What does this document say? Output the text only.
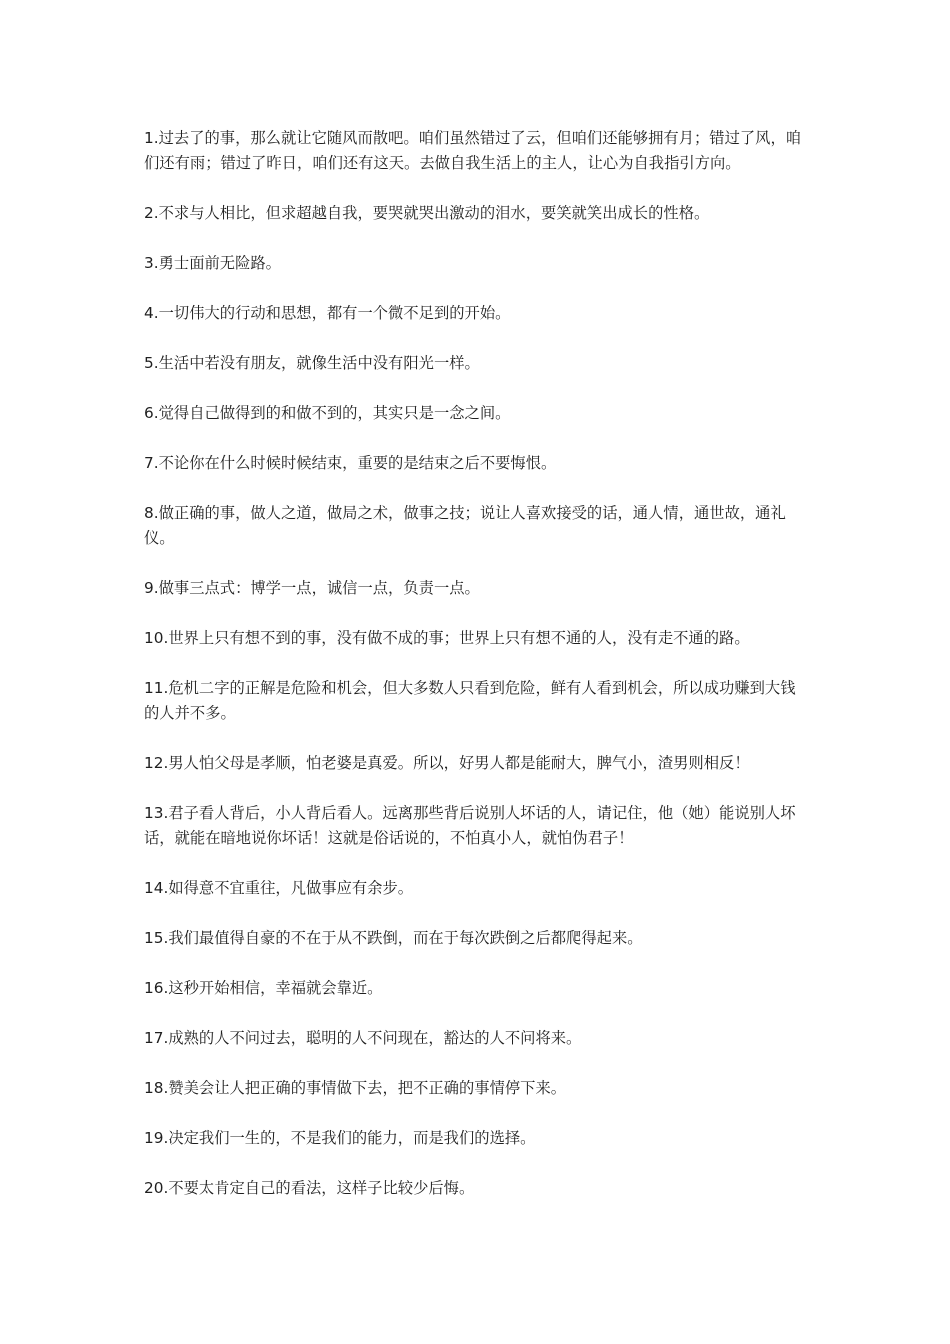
1.过去了的事，那么就让它随风而散吧。咱们虽然错过了云，但咱们还能够拥有月；错过了风，咱们还有雨；错过了昨日，咱们还有这天。去做自我生活上的主人，让心为自我指引方向。

2.不求与人相比，但求超越自我，要哭就哭出激动的泪水，要笑就笑出成长的性格。

3.勇士面前无险路。

4.一切伟大的行动和思想，都有一个微不足到的开始。

5.生活中若没有朋友，就像生活中没有阳光一样。

6.觉得自己做得到的和做不到的，其实只是一念之间。

7.不论你在什么时候时候结束，重要的是结束之后不要悔恨。

8.做正确的事，做人之道，做局之术，做事之技；说让人喜欢接受的话，通人情，通世故，通礼仪。

9.做事三点式：博学一点，诚信一点，负责一点。

10.世界上只有想不到的事，没有做不成的事；世界上只有想不通的人，没有走不通的路。

11.危机二字的正解是危险和机会，但大多数人只看到危险，鲜有人看到机会，所以成功赚到大钱的人并不多。

12.男人怕父母是孝顺，怕老婆是真爱。所以，好男人都是能耐大，脾气小，渣男则相反！

13.君子看人背后，小人背后看人。远离那些背后说别人坏话的人，请记住，他（她）能说别人坏话，就能在暗地说你坏话！这就是俗话说的，不怕真小人，就怕伪君子！

14.如得意不宜重往，凡做事应有余步。

15.我们最值得自豪的不在于从不跌倒，而在于每次跌倒之后都爬得起来。

16.这秒开始相信，幸福就会靠近。

17.成熟的人不问过去，聪明的人不问现在，豁达的人不问将来。

18.赞美会让人把正确的事情做下去，把不正确的事情停下来。

19.决定我们一生的，不是我们的能力，而是我们的选择。

20.不要太肯定自己的看法，这样子比较少后悔。
